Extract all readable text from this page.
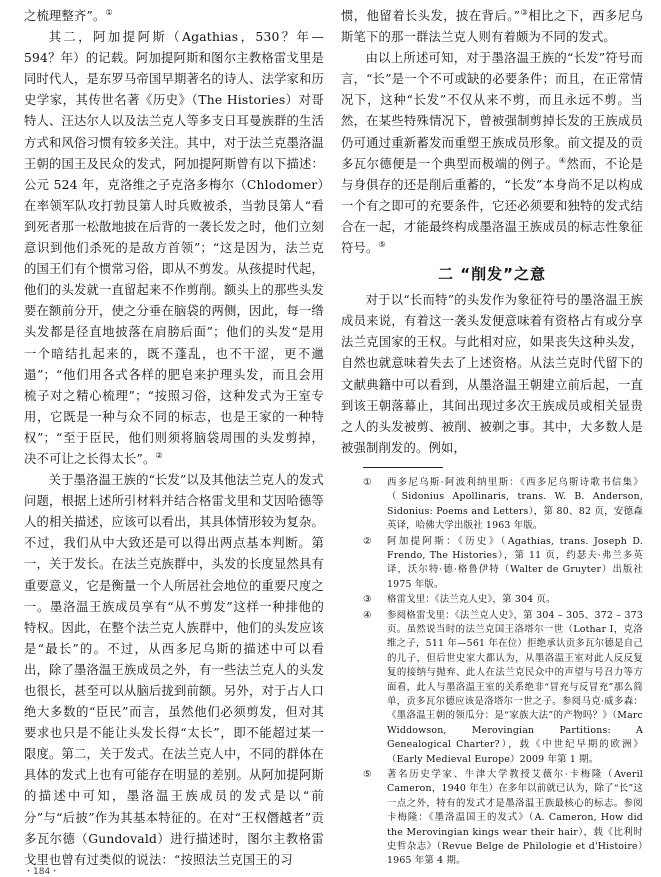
之梳理整齐”。①

其二，阿加提阿斯（Agathias，530？年—594？年）的记载。阿加提阿斯和图尔主教格雷戈里是同时代人，是东罗马帝国早期著名的诗人、法学家和历史学家，其传世名著《历史》（The Histories）对哥特人、汪达尔人以及法兰克人等多支日耳曼族群的生活方式和风俗习惯有较多关注。其中，对于法兰克墨洛温王朝的国王及民众的发式，阿加提阿斯曾有以下描述：公元 524 年，克洛维之子克洛多梅尔（Chlodomer）在率领军队攻打勃艮第人时兵败被杀，当勃艮第人“看到死者那一松散地披在后背的一袭长发之时，他们立刻意识到他们杀死的是敌方首领”；“这是因为，法兰克的国王们有个惯常习俗，即从不剪发。从孩提时代起，他们的头发就一直留起来不作剪削。额头上的那些头发要在额前分开，使之分垂在脑袋的两侧，因此，每一绺头发都是径直地披落在肩膀后面”；他们的头发“是用一个暗结扎起来的，既不蓬乱，也不干涩，更不邋遢”；“他们用各式各样的肥皂来护理头发，而且会用梳子对之精心梳理”；“按照习俗，这种发式为王室专用，它既是一种与众不同的标志，也是王家的一种特权”；“至于臣民，他们则须将脑袋周围的头发剪掉，决不可让之长得太长”。②

关于墨洛温王族的“长发”以及其他法兰克人的发式问题，根据上述所引材料并结合格雷戈里和艾因哈德等人的相关描述，应该可以看出，其具体情形较为复杂。不过，我们从中大致还是可以得出两点基本判断。第一，关于发长。在法兰克族群中，头发的长度显然具有重要意义，它是衡量一个人所居社会地位的重要尺度之一。墨洛温王族成员享有“从不剪发”这样一种排他的特权。因此，在整个法兰克人族群中，他们的头发应该是“最长”的。不过，从西多尼乌斯的描述中可以看出，除了墨洛温王族成员之外，有一些法兰克人的头发也很长，甚至可以从脑后拢到前额。另外，对于占人口绝大多数的“臣民”而言，虽然他们必须剪发，但对其要求也只是不能让头发长得“太长”，即不能超过某一限度。第二，关于发式。在法兰克人中，不同的群体在具体的发式上也有可能存在明显的差别。从阿加提阿斯的描述中可知，墨洛温王族成员的发式是以“前分”与“后披”作为其基本特征的。在对“王权僭越者”贡多瓦尔德（Gundovald）进行描述时，图尔主教格雷戈里也曾有过类似的说法：“按照法兰克国王的习

惯，他留着长头发，披在背后。”③相比之下，西多尼乌斯笔下的那一群法兰克人则有着颇为不同的发式。

由以上所述可知，对于墨洛温王族的“长发”符号而言，“长”是一个不可或缺的必要条件；而且，在正常情况下，这种“长发”不仅从来不剪，而且永远不剪。当然，在某些特殊情况下，曾被强制剪掉长发的王族成员仍可通过重新蓄发而重塑王族成员形象。前文提及的贡多瓦尔德便是一个典型而极端的例子。④然而，不论是与身俱存的还是削后重蓄的，“长发”本身尚不足以构成一个有之即可的充要条件，它还必须要和独特的发式结合在一起，才能最终构成墨洛温王族成员的标志性象征符号。⑤

二 “削发”之意

对于以“长而特”的头发作为象征符号的墨洛温王族成员来说，有着这一袭头发便意味着有资格占有或分享法兰克国家的王权。与此相对应，如果丧失这种头发，自然也就意味着失去了上述资格。从法兰克时代留下的文献典籍中可以看到，从墨洛温王朝建立前后起，一直到该王朝落幕止，其间出现过多次王族成员或相关显贵之人的头发被剪、被削、被剃之事。其中，大多数人是被强制削发的。例如，

①	西多尼乌斯·阿波利纳里斯：《西多尼乌斯诗歌书信集》（Sidonius Apollinaris, trans. W. B. Anderson, Sidonius: Poems and Letters），第 80、82 页，安德森英译，哈佛大学出版社 1963 年版。
②	阿加提阿斯：《历史》（Agathias, trans. Joseph D. Frendo, The Histories），第 11 页，约瑟夫·弗兰多英译，沃尔特·德·格鲁伊特（Walter de Gruyter）出版社 1975 年版。
③	格雷戈里：《法兰克人史》，第 304 页。
④	参阅格雷戈里：《法兰克人史》，第 304 – 305、372 – 373 页。虽然说当时的法兰克国王洛塔尔一世（Lothar I，克洛维之子，511 年—561 年在位）拒绝承认贡多瓦尔德是自己的儿子，但后世史家大都认为，从墨洛温王室对此人反反复复的接纳与抛弃、此人在法兰克民众中的声望与号召力等方面看，此人与墨洛温王室的关系绝非“冒充与反冒充”那么简单，贡多瓦尔德应该是洛塔尔一世之子。参阅马克·威多森：《墨洛温王朝的领瓜分：是“家族大法”的产物吗？》（Marc Widdowson, Merovingian Partitions: A Genealogical Charter?），载《中世纪早期的欧洲》（Early Medieval Europe）2009 年第 1 期。
⑤	著名历史学家、牛津大学教授艾薇尔·卡梅隆（Averil Cameron，1940 年生）在多年以前就已认为，除了“长”这一点之外，特有的发式才是墨洛温王族最核心的标志。参阅卡梅隆：《墨洛温国王的发式》（A. Cameron, How did the Merovingian kings wear their hair），载《比利时史哲杂志》（Revue Belge de Philologie et d'Histoire）1965 年第 4 期。
・184・
